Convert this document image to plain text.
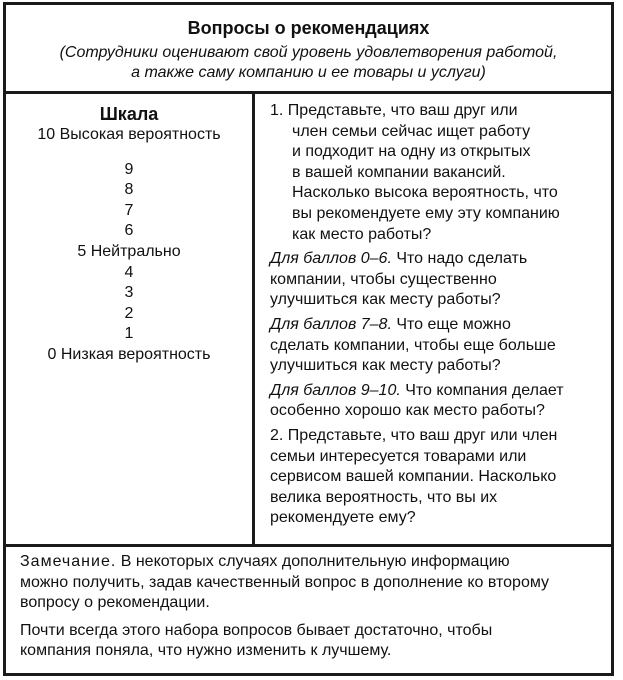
Вопросы о рекомендациях
(Сотрудники оценивают свой уровень удовлетворения работой,
а также саму компанию и ее товары и услуги)
Шкала
10 Высокая вероятность
9
8
7
6
5 Нейтрально
4
3
2
1
0 Низкая вероятность

1. Представьте, что ваш друг или
член семьи сейчас ищет работу
и подходит на одну из открытых
в вашей компании вакансий.
Насколько высока вероятность, что
вы рекомендуете ему эту компанию
как место работы?

Для баллов 0–6. Что надо сделать
компании, чтобы существенно
улучшиться как месту работы?

Для баллов 7–8. Что еще можно
сделать компании, чтобы еще больше
улучшиться как месту работы?

Для баллов 9–10. Что компания делает
особенно хорошо как место работы?

2. Представьте, что ваш друг или член
семьи интересуется товарами или
сервисом вашей компании. Насколько
велика вероятность, что вы их
рекомендуете ему?

Замечание. В некоторых случаях дополнительную информацию
можно получить, задав качественный вопрос в дополнение ко второму
вопросу о рекомендации.

Почти всегда этого набора вопросов бывает достаточно, чтобы
компания поняла, что нужно изменить к лучшему.
